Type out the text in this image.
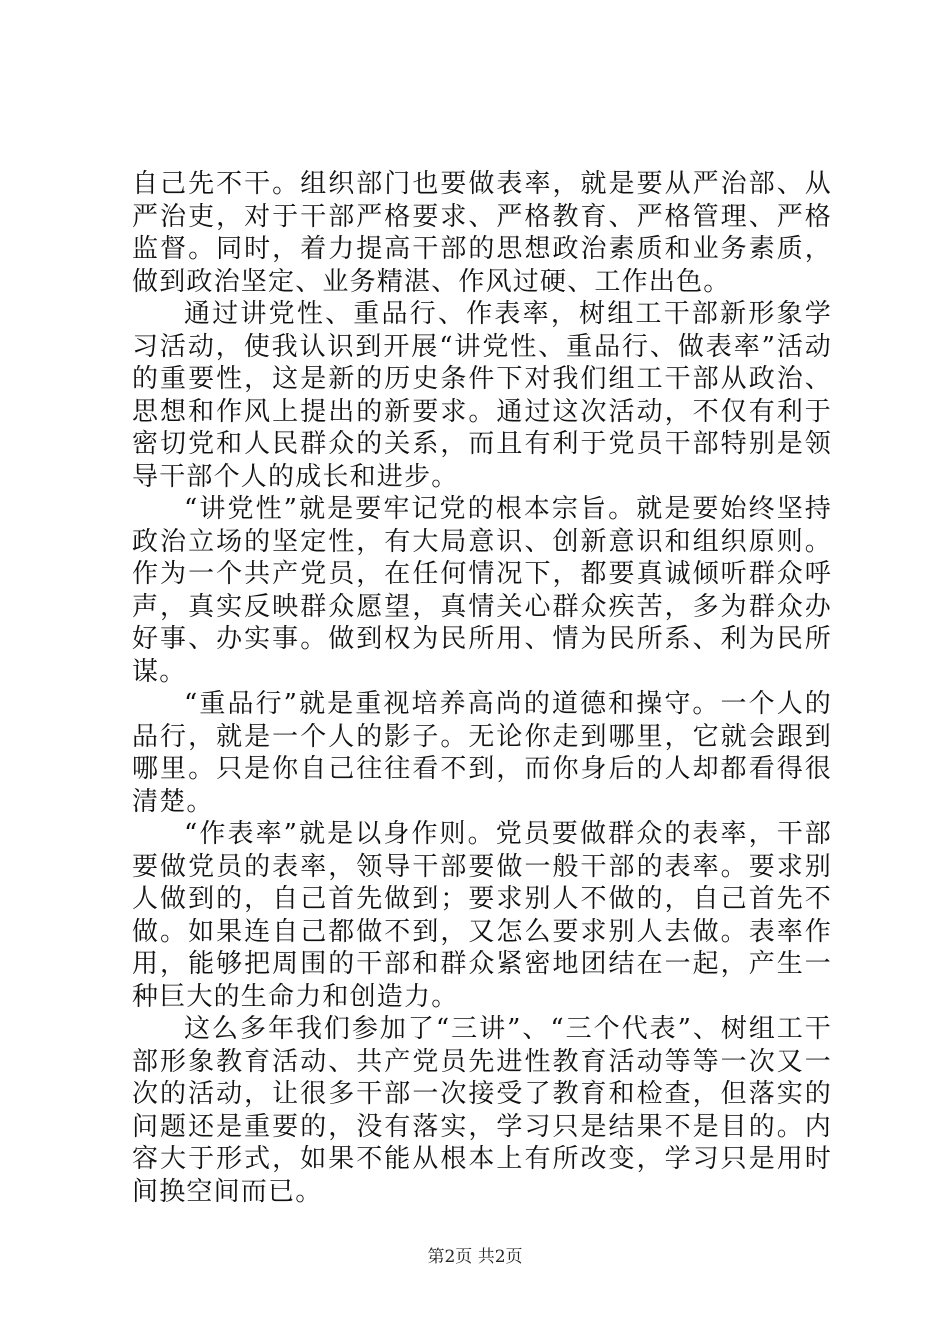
自己先不干。组织部门也要做表率，就是要从严治部、从严治吏，对于干部严格要求、严格教育、严格管理、严格监督。同时，着力提高干部的思想政治素质和业务素质，做到政治坚定、业务精湛、作风过硬、工作出色。

通过讲党性、重品行、作表率，树组工干部新形象学习活动，使我认识到开展“讲党性、重品行、做表率”活动的重要性，这是新的历史条件下对我们组工干部从政治、思想和作风上提出的新要求。通过这次活动，不仅有利于密切党和人民群众的关系，而且有利于党员干部特别是领导干部个人的成长和进步。

“讲党性”就是要牢记党的根本宗旨。就是要始终坚持政治立场的坚定性，有大局意识、创新意识和组织原则。作为一个共产党员，在任何情况下，都要真诚倾听群众呼声，真实反映群众愿望，真情关心群众疾苦，多为群众办好事、办实事。做到权为民所用、情为民所系、利为民所谋。

“重品行”就是重视培养高尚的道德和操守。一个人的品行，就是一个人的影子。无论你走到哪里，它就会跟到哪里。只是你自己往往看不到，而你身后的人却都看得很清楚。

“作表率”就是以身作则。党员要做群众的表率，干部要做党员的表率，领导干部要做一般干部的表率。要求别人做到的，自己首先做到；要求别人不做的，自己首先不做。如果连自己都做不到，又怎么要求别人去做。表率作用，能够把周围的干部和群众紧密地团结在一起，产生一种巨大的生命力和创造力。

这么多年我们参加了“三讲”、“三个代表”、树组工干部形象教育活动、共产党员先进性教育活动等等一次又一次的活动，让很多干部一次接受了教育和检查，但落实的问题还是重要的，没有落实，学习只是结果不是目的。内容大于形式，如果不能从根本上有所改变，学习只是用时间换空间而已。

第2页 共2页
